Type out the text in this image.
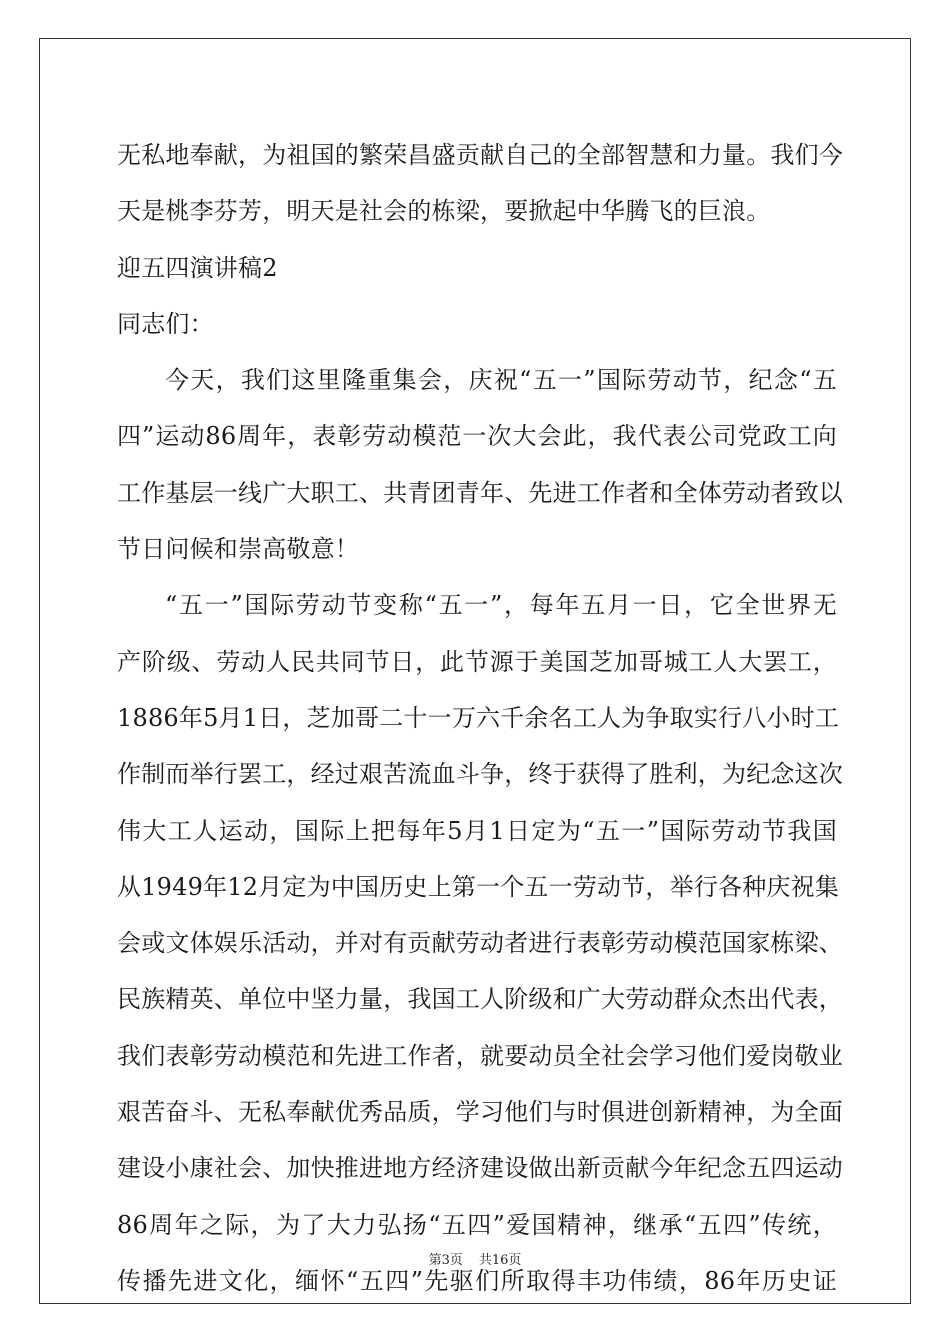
无私地奉献，为祖国的繁荣昌盛贡献自己的全部智慧和力量。我们今
天是桃李芬芳，明天是社会的栋梁，要掀起中华腾飞的巨浪。
迎五四演讲稿2
同志们：
今天，我们这里隆重集会，庆祝“五一”国际劳动节，纪念“五
四”运动86周年，表彰劳动模范一次大会此，我代表公司党政工向
工作基层一线广大职工、共青团青年、先进工作者和全体劳动者致以
节日问候和崇高敬意！
“五一”国际劳动节变称“五一”，每年五月一日，它全世界无
产阶级、劳动人民共同节日，此节源于美国芝加哥城工人大罢工，
1886年5月1日，芝加哥二十一万六千余名工人为争取实行八小时工
作制而举行罢工，经过艰苦流血斗争，终于获得了胜利，为纪念这次
伟大工人运动，国际上把每年5月1日定为“五一”国际劳动节我国
从1949年12月定为中国历史上第一个五一劳动节，举行各种庆祝集
会或文体娱乐活动，并对有贡献劳动者进行表彰劳动模范国家栋梁、
民族精英、单位中坚力量，我国工人阶级和广大劳动群众杰出代表，
我们表彰劳动模范和先进工作者，就要动员全社会学习他们爱岗敬业
艰苦奋斗、无私奉献优秀品质，学习他们与时俱进创新精神，为全面
建设小康社会、加快推进地方经济建设做出新贡献今年纪念五四运动
86周年之际，为了大力弘扬“五四”爱国精神，继承“五四”传统，
传播先进文化，缅怀“五四”先驱们所取得丰功伟绩，86年历史证
第3页 共16页
